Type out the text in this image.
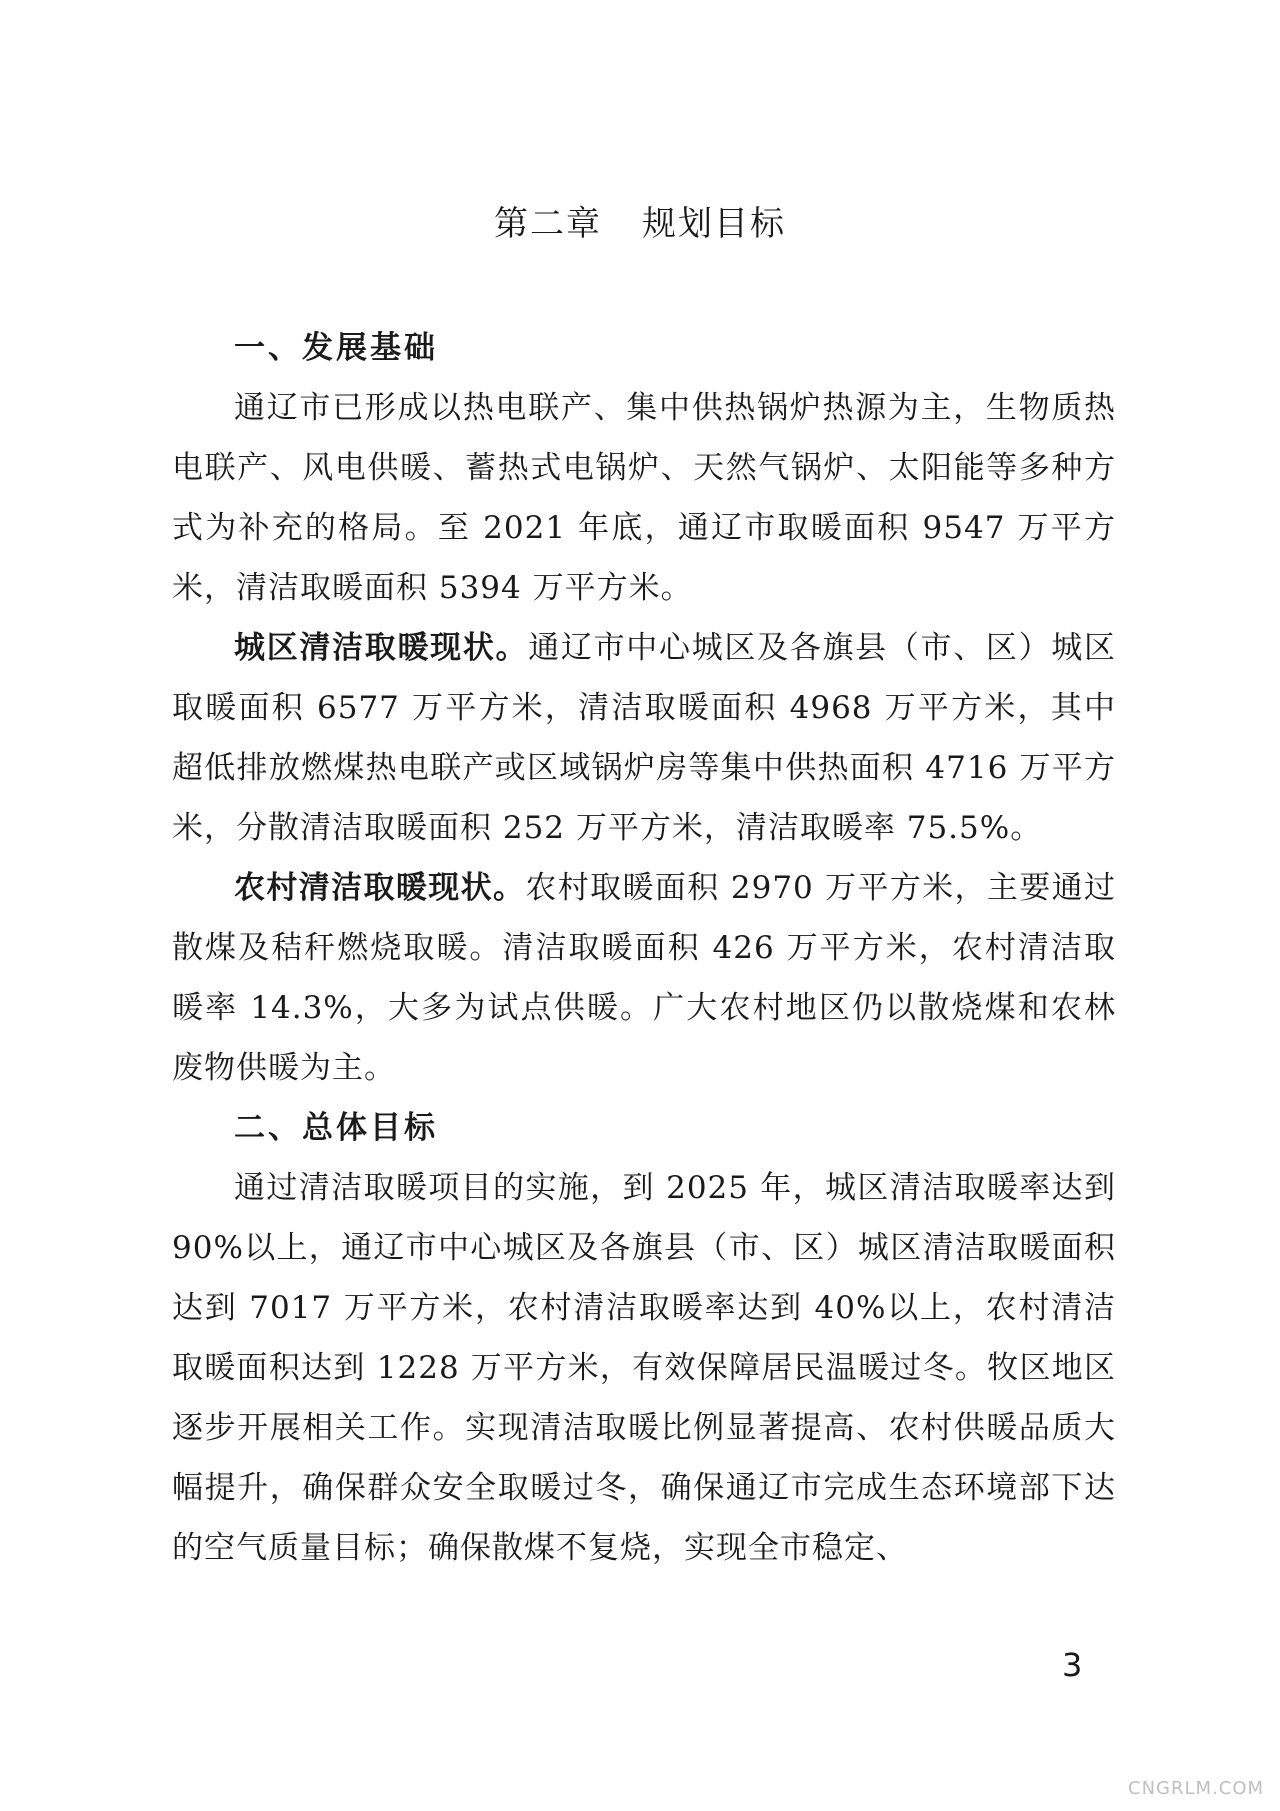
第二章 规划目标
一、发展基础

通辽市已形成以热电联产、集中供热锅炉热源为主，生物质热电联产、风电供暖、蓄热式电锅炉、天然气锅炉、太阳能等多种方式为补充的格局。至 2021 年底，通辽市取暖面积 9547 万平方米，清洁取暖面积 5394 万平方米。

城区清洁取暖现状。通辽市中心城区及各旗县（市、区）城区取暖面积 6577 万平方米，清洁取暖面积 4968 万平方米，其中超低排放燃煤热电联产或区域锅炉房等集中供热面积 4716 万平方米，分散清洁取暖面积 252 万平方米，清洁取暖率 75.5%。

农村清洁取暖现状。农村取暖面积 2970 万平方米，主要通过散煤及秸秆燃烧取暖。清洁取暖面积 426 万平方米，农村清洁取暖率 14.3%，大多为试点供暖。广大农村地区仍以散烧煤和农林废物供暖为主。

二、总体目标

通过清洁取暖项目的实施，到 2025 年，城区清洁取暖率达到 90%以上，通辽市中心城区及各旗县（市、区）城区清洁取暖面积达到 7017 万平方米，农村清洁取暖率达到 40%以上，农村清洁取暖面积达到 1228 万平方米，有效保障居民温暖过冬。牧区地区逐步开展相关工作。实现清洁取暖比例显著提高、农村供暖品质大幅提升，确保群众安全取暖过冬，确保通辽市完成生态环境部下达的空气质量目标；确保散煤不复烧，实现全市稳定、

3
CNGRLM.COM
